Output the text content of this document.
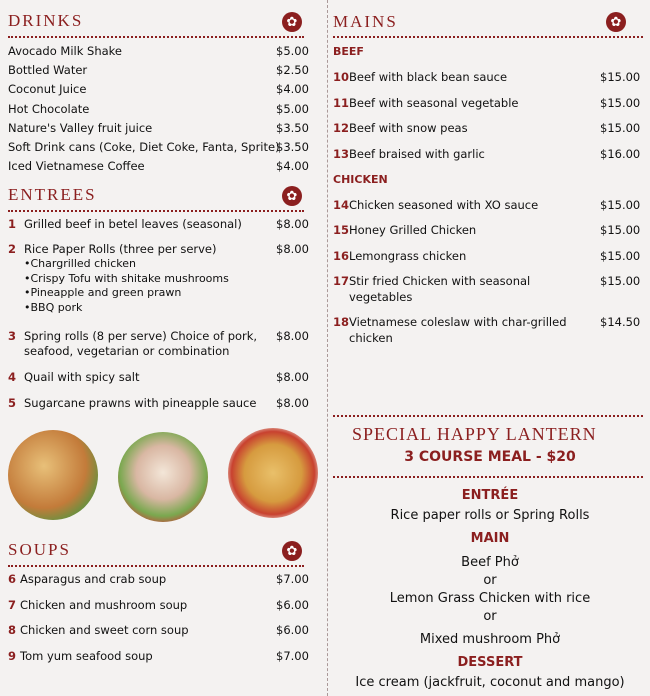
DRINKS	✿
Avocado Milk Shake	$5.00
Bottled Water	$2.50
Coconut Juice	$4.00
Hot Chocolate	$5.00
Nature's Valley fruit juice	$3.50
Soft Drink cans (Coke, Diet Coke, Fanta, Sprite)
$3.50
Iced Vietnamese Coffee	$4.00
ENTREES	✿
1 Grilled beef in betel leaves (seasonal)	$8.00
2 Rice Paper Rolls (three per serve)	$8.00
•Chargrilled chicken
•Crispy Tofu with shitake mushrooms
•Pineapple and green prawn
•BBQ pork
3 Spring rolls (8 per serve) Choice of pork, $8.00
seafood, vegetarian or combination
4 Quail with spicy salt	$8.00
5 Sugarcane prawns with pineapple sauce $8.00
SOUPS	✿
6 Asparagus and crab soup	$7.00
7 Chicken and mushroom soup	$6.00
8 Chicken and sweet corn soup	$6.00
9 Tom yum seafood soup	$7.00
MAINS	✿
BEEF
CHICKEN
10 Beef with black bean sauce	$15.00
11 Beef with seasonal vegetable	$15.00
12 Beef with snow peas	$15.00
13 Beef braised with garlic	$16.00
14 Chicken seasoned with XO sauce	$15.00
15 Honey Grilled Chicken	$15.00
16 Lemongrass chicken	$15.00
17 Stir fried Chicken with seasonal	$15.00
vegetables
18 Vietnamese coleslaw with char-grilled	$14.50
chicken
SPECIAL HAPPY LANTERN
3 COURSE MEAL - $20
ENTRÉE
Rice paper rolls or Spring Rolls
MAIN
Beef Phở
or
Lemon Grass Chicken with rice
or
Mixed mushroom Phở
DESSERT
Ice cream (jackfruit, coconut and mango)
